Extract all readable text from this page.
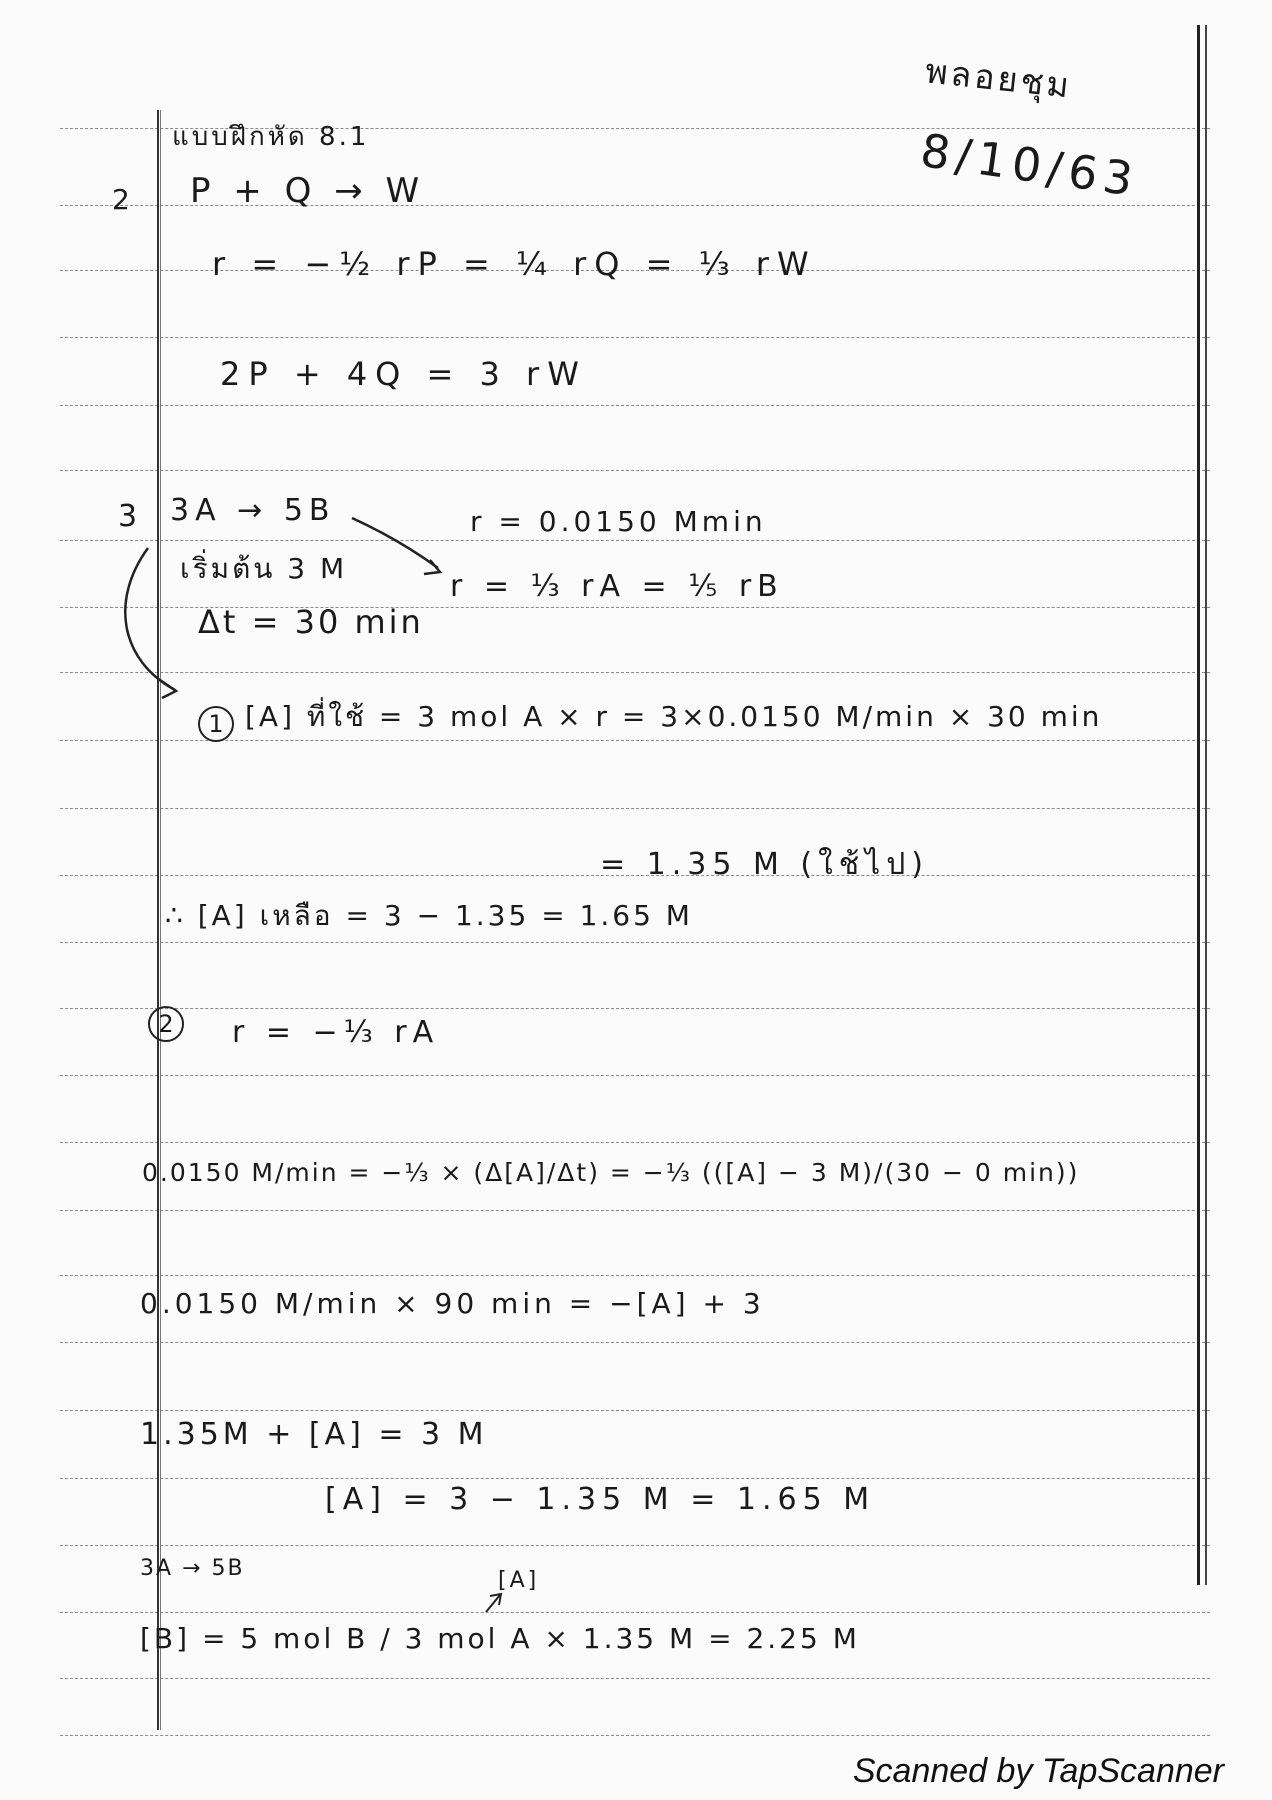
พลอยชุม
8/10/63
แบบฝึกหัด 8.1
2 P + Q → W
r = −½ rP = ¼ rQ = ⅓ rW
2P + 4Q = 3 rW
3 3A → 5B	r = 0.0150 Mmin
เริ่มต้น 3 M
r = ⅓ rA = ⅕ rB
Δt = 30 min
1 [A] ที่ใช้ = 3 mol A × r = 3×0.0150 M/min × 30 min
= 1.35 M (ใช้ไป)
∴ [A] เหลือ = 3 − 1.35 = 1.65 M
2	r = −⅓ rA
0.0150 M/min = −⅓ × (Δ[A]/Δt) = −⅓ (([A] − 3 M)/(30 − 0 min))
0.0150 M/min × 90 min = −[A] + 3
1.35M + [A] = 3 M
[A] = 3 − 1.35 M = 1.65 M
3A → 5B	[A]
[B] = 5 mol B / 3 mol A × 1.35 M = 2.25 M
Scanned by TapScanner
